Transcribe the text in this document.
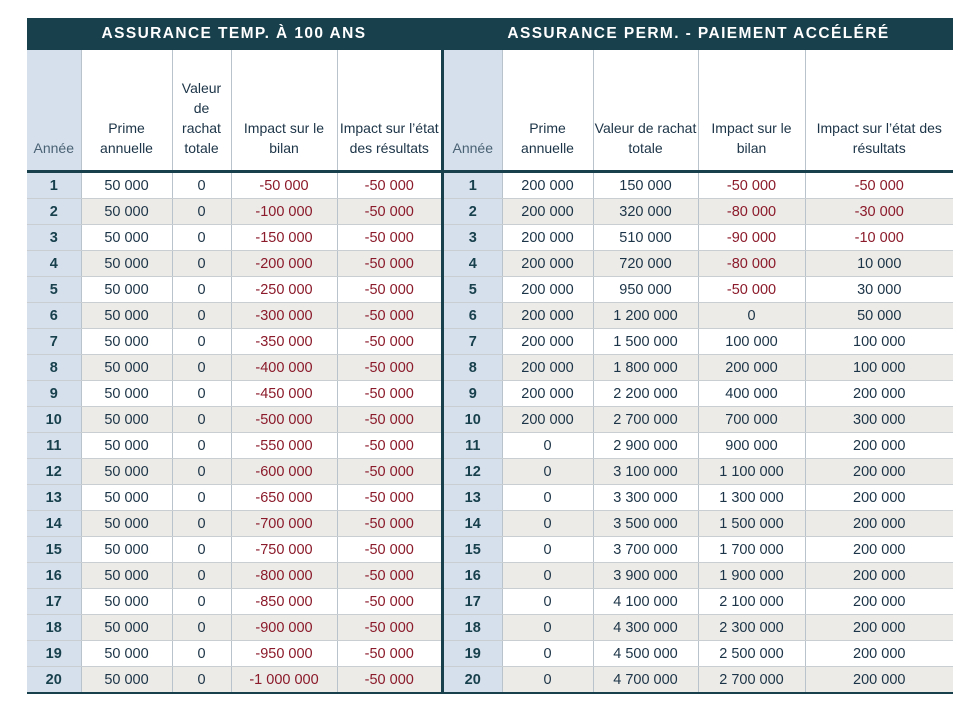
ASSURANCE TEMP. À 100 ANS
Année	Prime annuelle	Valeur de rachat totale	Impact sur le bilan	Impact sur l’état des résultats
1	50 000	0	-50 000	-50 000
2	50 000	0	-100 000	-50 000
3	50 000	0	-150 000	-50 000
4	50 000	0	-200 000	-50 000
5	50 000	0	-250 000	-50 000
6	50 000	0	-300 000	-50 000
7	50 000	0	-350 000	-50 000
8	50 000	0	-400 000	-50 000
9	50 000	0	-450 000	-50 000
10	50 000	0	-500 000	-50 000
11	50 000	0	-550 000	-50 000
12	50 000	0	-600 000	-50 000
13	50 000	0	-650 000	-50 000
14	50 000	0	-700 000	-50 000
15	50 000	0	-750 000	-50 000
16	50 000	0	-800 000	-50 000
17	50 000	0	-850 000	-50 000
18	50 000	0	-900 000	-50 000
19	50 000	0	-950 000	-50 000
20	50 000	0	-1 000 000	-50 000
ASSURANCE PERM. - PAIEMENT ACCÉLÉRÉ
Année	Prime annuelle	Valeur de rachat totale	Impact sur le bilan	Impact sur l’état des résultats
1	200 000	150 000	-50 000	-50 000
2	200 000	320 000	-80 000	-30 000
3	200 000	510 000	-90 000	-10 000
4	200 000	720 000	-80 000	10 000
5	200 000	950 000	-50 000	30 000
6	200 000	1 200 000	0	50 000
7	200 000	1 500 000	100 000	100 000
8	200 000	1 800 000	200 000	100 000
9	200 000	2 200 000	400 000	200 000
10	200 000	2 700 000	700 000	300 000
11	0	2 900 000	900 000	200 000
12	0	3 100 000	1 100 000	200 000
13	0	3 300 000	1 300 000	200 000
14	0	3 500 000	1 500 000	200 000
15	0	3 700 000	1 700 000	200 000
16	0	3 900 000	1 900 000	200 000
17	0	4 100 000	2 100 000	200 000
18	0	4 300 000	2 300 000	200 000
19	0	4 500 000	2 500 000	200 000
20	0	4 700 000	2 700 000	200 000
